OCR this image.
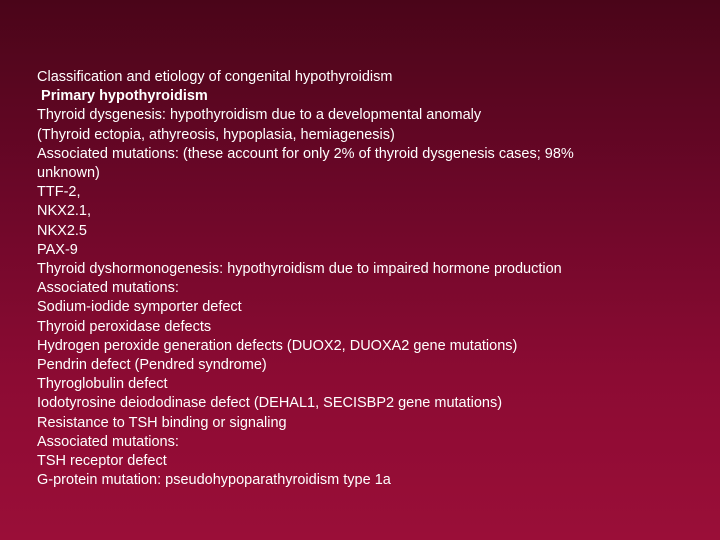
Classification and etiology of congenital hypothyroidism
Primary hypothyroidism
Thyroid dysgenesis: hypothyroidism due to a developmental anomaly
(Thyroid ectopia, athyreosis, hypoplasia, hemiagenesis)
Associated mutations: (these account for only 2% of thyroid dysgenesis cases; 98%
unknown)
TTF-2,
NKX2.1,
NKX2.5
PAX-9
Thyroid dyshormonogenesis: hypothyroidism due to impaired hormone production
Associated mutations:
Sodium-iodide symporter defect
Thyroid peroxidase defects
Hydrogen peroxide generation defects (DUOX2, DUOXA2 gene mutations)
Pendrin defect (Pendred syndrome)
Thyroglobulin defect
Iodotyrosine deiododinase defect (DEHAL1, SECISBP2 gene mutations)
Resistance to TSH binding or signaling
Associated mutations:
TSH receptor defect
G-protein mutation: pseudohypoparathyroidism type 1a
